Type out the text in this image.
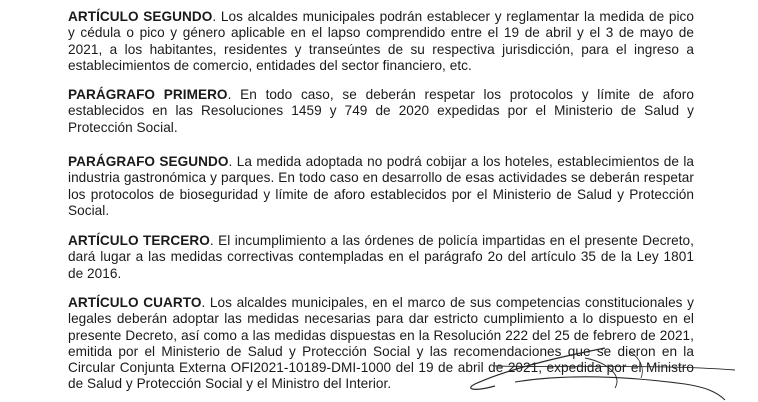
ARTÍCULO SEGUNDO. Los alcaldes municipales podrán establecer y reglamentar la medida de pico y cédula o pico y género aplicable en el lapso comprendido entre el 19 de abril y el 3 de mayo de 2021, a los habitantes, residentes y transeúntes de su respectiva jurisdicción, para el ingreso a establecimientos de comercio, entidades del sector financiero, etc.

PARÁGRAFO PRIMERO. En todo caso, se deberán respetar los protocolos y límite de aforo establecidos en las Resoluciones 1459 y 749 de 2020 expedidas por el Ministerio de Salud y Protección Social.

PARÁGRAFO SEGUNDO. La medida adoptada no podrá cobijar a los hoteles, establecimientos de la industria gastronómica y parques. En todo caso en desarrollo de esas actividades se deberán respetar los protocolos de bioseguridad y límite de aforo establecidos por el Ministerio de Salud y Protección Social.

ARTÍCULO TERCERO. El incumplimiento a las órdenes de policía impartidas en el presente Decreto, dará lugar a las medidas correctivas contempladas en el parágrafo 2o del artículo 35 de la Ley 1801 de 2016.

ARTÍCULO CUARTO. Los alcaldes municipales, en el marco de sus competencias constitucionales y legales deberán adoptar las medidas necesarias para dar estricto cumplimiento a lo dispuesto en el presente Decreto, así como a las medidas dispuestas en la Resolución 222 del 25 de febrero de 2021, emitida por el Ministerio de Salud y Protección Social y las recomendaciones que se dieron en la Circular Conjunta Externa OFI2021-10189-DMI-1000 del 19 de abril de 2021, expedida por el Ministro de Salud y Protección Social y el Ministro del Interior.
